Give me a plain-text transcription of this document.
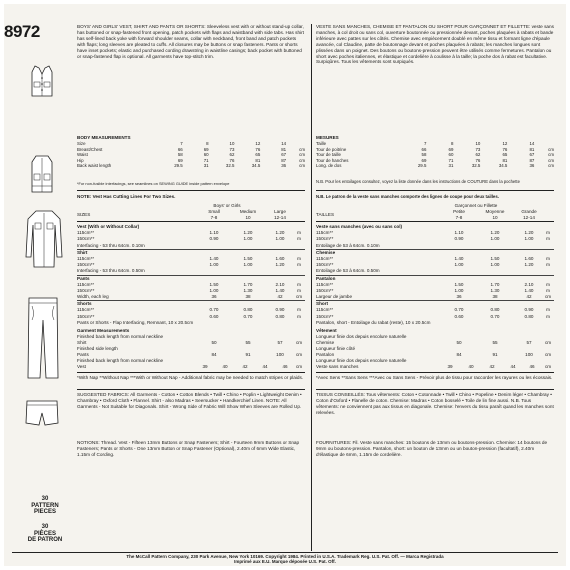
8972
30
PATTERN
PIECES
30
PIÈCES
DE PATRON
BOYS' AND GIRLS' VEST, SHIRT AND PANTS OR SHORTS: Sleeveless vest with or without stand-up collar, has buttoned or snap-fastened front opening, patch pockets with flaps and waistband with side tabs. Has shirt has self-lined back yoke with forward shoulder seams, collar with neckband, front band and patch pockets with flaps; long sleeves are pleated to cuffs. All closures may be buttons or snap fasteners. Pants or shorts have inset pockets; elastic and purchased cording drawstring in waistline casings; back pocket with buttoned or snap-fastened flap is optional. All garments have top-stitch trim.
VESTE SANS MANCHES, CHEMISE ET PANTALON OU SHORT POUR GARÇONNET ET FILLETTE: veste sans manches, à col droit ou sans col, ouverture boutonnée ou pressionnée devant, poches plaquées à rabats et bande inférieure avec pattes sur les côtés. Chemise avec empiècement doublé en même tissu et formant ligne d'épaule avancée, col Claudine, patte de boutonnage devant et poches plaquées à rabats; les manches longues sont plissées dans un poignet. Des boutons ou boutons-pression peuvent être utilisés comme fermetures. Pantalon ou short avec poches italiennes, et élastique et cordelière à coulisse à la taille; la poche dos à rabat est facultative. Surpiqûres. Tous les vêtements sont surpiqués.
BODY MEASUREMENTS
Size	7	8	10	12	14	
Breast/Chest	66	69	73	76	81	cm
Waist	58	60	62	65	67	cm
Hip	69	71	76	81	87	cm
Back waist length	29.5	31	32.5	34.5	36	cm
MESURES
Taille	7	8	10	12	14	
Tour de poitrine	66	69	73	76	81	cm
Tour de taille	58	60	62	65	67	cm
Tour de hanches	69	71	76	81	87	cm
Long. de dos	29.5	31	32.5	34.5	36	cm
*For non-fusible interfacings, see seamlines on SEWING GUIDE inside pattern envelope	N.B. Pour les entoilages consultez, voyez la liste donnée dans les instructions de COUTURE dans la pochette
NOTE: Vest Has Cutting Lines For Two Sizes.	N.B. Le patron de la veste sans manches comporte des lignes de coupe pour deux tailles.
SIZES
Boys' or Girls
Small	Medium	Large
7-8	10	12-14
TAILLES
Garçonnet ou Fillette
Petite	Moyenne	Grande
7-8	10	12-14
Vest (With or Without Collar)
115cm**	1.10	1.20	1.20	m
150cm**	0.90	1.00	1.00	m
Interfacing - 53 thru 64cm. 0.10m
Shirt
115cm**	1.40	1.50	1.60	m
150cm**	1.00	1.00	1.20	m
Interfacing - 53 thru 64cm. 0.50m
Pants
115cm**	1.50	1.70	2.10	m
150cm**	1.00	1.30	1.40	m
Width, each leg	36	38	42	cm
Shorts
115cm**	0.70	0.80	0.90	m
150cm**	0.60	0.70	0.80	m
Pants or Shorts - Flap Interfacing, Remnant, 10 x 20.5cm
Veste sans manches (avec ou sans col)
115cm**	1.10	1.20	1.20	m
150cm**	0.90	1.00	1.00	m
Entoilage de 53 à 64cm. 0.10m
Chemise
115cm**	1.40	1.50	1.60	m
150cm**	1.00	1.00	1.20	m
Entoilage de 53 à 64cm. 0.50m
Pantalon
115cm**	1.50	1.70	2.10	m
150cm**	1.00	1.30	1.40	m
Largeur de jambe	36	38	42	cm
Short
115cm**	0.70	0.80	0.90	m
150cm**	0.60	0.70	0.80	m
Pantalon, short - Entoilage du rabat (reste), 10 x 20.5cm
Garment Measurements	Vêtement
Finished back length from normal neckline
Shirt	50	55	57	cm
Finished side length
Pants	84	91	100	cm
Finished back length from normal neckline
Vest	39	40	42	44	46	cm
Longueur finie dos depuis encolure naturelle
Chemise	50	55	57	cm
Longueur finie côté
Pantalon	84	91	100	cm
Longueur finie dos depuis encolure naturelle
Veste sans manches	39	40	42	44	46	cm
*With Nap **Without Nap ***With or Without Nap - Additional fabric may be needed to match stripes or plaids.	*Avec Sens **Sans Sens ***Avec ou Sans Sens - Prévoir plus de tissu pour raccorder les rayures ou les écossais.
SUGGESTED FABRICS: All Garments - Cotton • Cotton Blends • Twill • Chino • Poplin • Lightweight Denim • Chambray • Oxford Cloth • Flannel. Shirt - also Madras • Seersucker • Handkerchief Linen. NOTE: All Garments - Not Suitable for Diagonals. Shirt - Wrong Side of Fabric Will Show When Sleeves are Rolled Up.
TISSUS CONSEILLÉS: Tous vêtements: Coton • Cotonnade • Twill • Chino • Popeline • Denim léger • Chambray • Coton d'Oxford • Flanelle de coton. Chemise: Madras • Coton bosselé • Toile de lin fine aussi. N.B. Tous vêtements: ne conviennent pas aux tissus en diagonale. Chemise: l'envers du tissu paraît quand les manches sont relevées.
NOTIONS: Thread. Vest - Fifteen 13mm Buttons or Snap Fasteners; Shirt - Fourteen 9mm Buttons or Snap Fasteners; Pants or Shorts - One 13mm Button or Snap Fastener (Optional), 2.40m of 6mm Wide Elastic, 1.15m of Cording.
FOURNITURES: Fil. Veste sans manches: 15 boutons de 13mm ou boutons-pression. Chemise: 14 boutons de 9mm ou boutons-pression. Pantalon, short: un bouton de 13mm ou un bouton-pression (facultatif), 2.40m d'élastique de 6mm, 1.15m de cordelière.
The McCall Pattern Company, 230 Park Avenue, New York 10169. Copyright 1984. Printed in U.S.A. Trademark Reg. U.S. Pat. Off. — Marca Registrada
Imprimé aux E.U. Marque déposée U.S. Pat. Off.
